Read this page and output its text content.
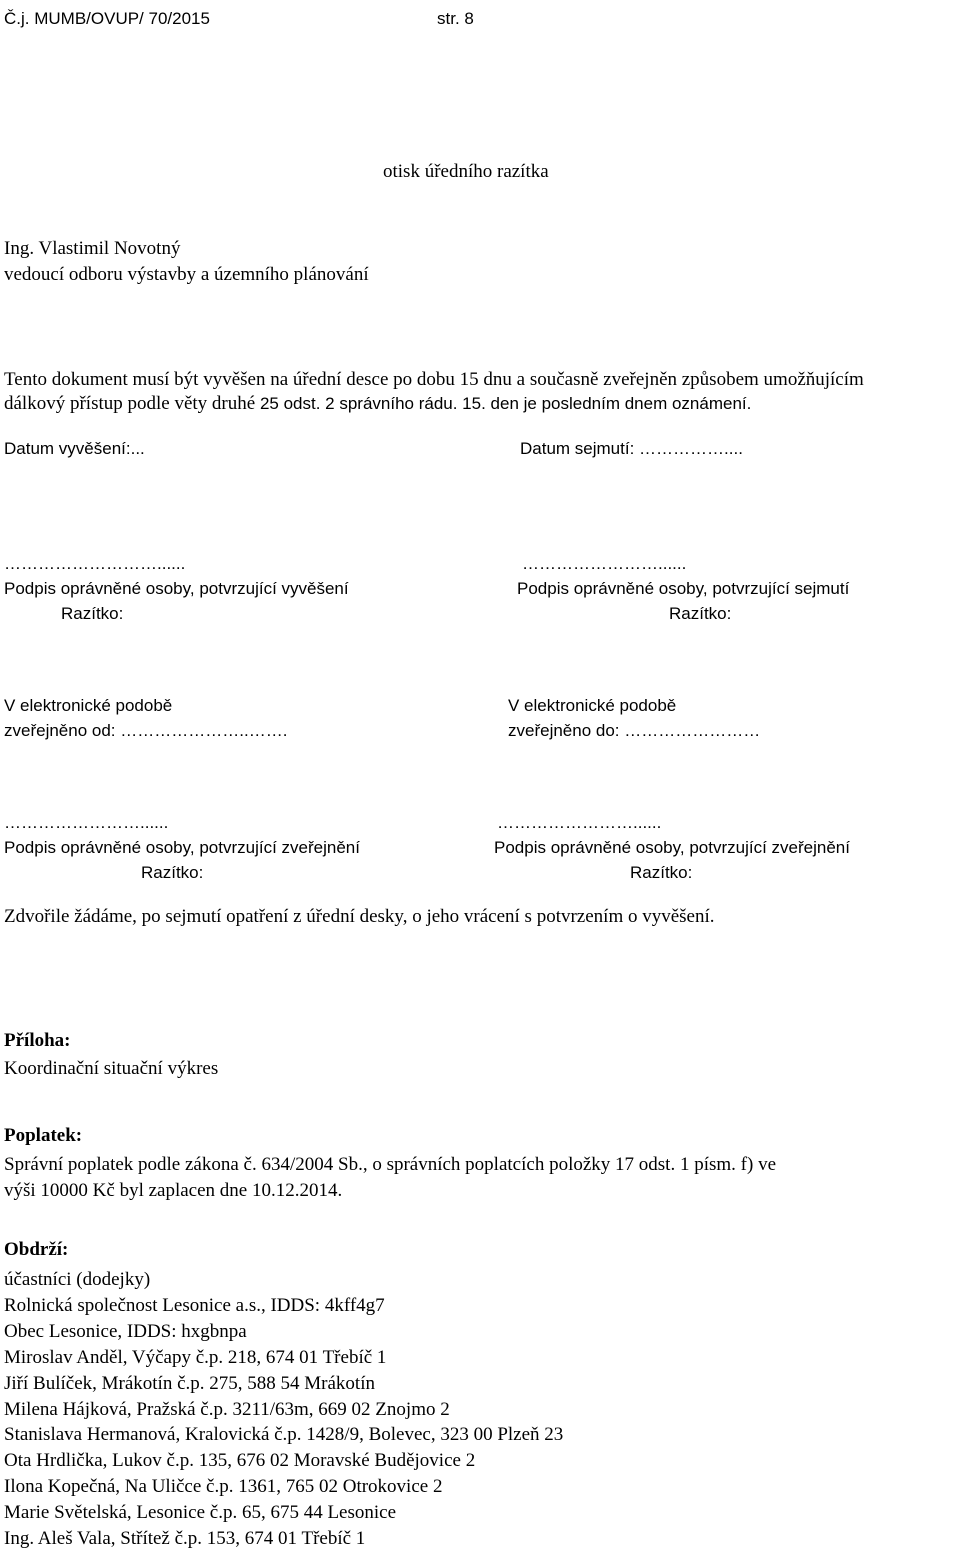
Č.j. MUMB/OVUP/ 70/2015	str. 8
otisk úředního razítka
Ing. Vlastimil Novotný
vedoucí odboru výstavby a územního plánování
Tento dokument musí být vyvěšen na úřední desce po dobu 15 dnu a současně zveřejněn způsobem umožňujícím
dálkový přístup podle věty druhé 25 odst. 2 správního rádu. 15. den je posledním dnem oznámení.
Datum vyvěšení:...	Datum sejmutí: ……………....
………………………......
Podpis oprávněné osoby, potvrzující vyvěšení
Razítko:
……………………......
Podpis oprávněné osoby, potvrzující sejmutí
Razítko:
V elektronické podobě
zveřejněno od: …………………..…….
V elektronické podobě
zveřejněno do: ……………………
……………………......
Podpis oprávněné osoby, potvrzující zveřejnění
Razítko:
……………………......
Podpis oprávněné osoby, potvrzující zveřejnění
Razítko:
Zdvořile žádáme, po sejmutí opatření z úřední desky, o jeho vrácení s potvrzením o vyvěšení.
Příloha:
Koordinační situační výkres
Poplatek:
Správní poplatek podle zákona č. 634/2004 Sb., o správních poplatcích položky 17 odst. 1 písm. f) ve
výši 10000 Kč byl zaplacen dne 10.12.2014.
Obdrží:
účastníci (dodejky)
Rolnická společnost Lesonice a.s., IDDS: 4kff4g7
Obec Lesonice, IDDS: hxgbnpa
Miroslav Anděl, Výčapy č.p. 218, 674 01 Třebíč 1
Jiří Bulíček, Mrákotín č.p. 275, 588 54 Mrákotín
Milena Hájková, Pražská č.p. 3211/63m, 669 02 Znojmo 2
Stanislava Hermanová, Kralovická č.p. 1428/9, Bolevec, 323 00 Plzeň 23
Ota Hrdlička, Lukov č.p. 135, 676 02 Moravské Budějovice 2
Ilona Kopečná, Na Uličce č.p. 1361, 765 02 Otrokovice 2
Marie Světelská, Lesonice č.p. 65, 675 44 Lesonice
Ing. Aleš Vala, Střítež č.p. 153, 674 01 Třebíč 1
